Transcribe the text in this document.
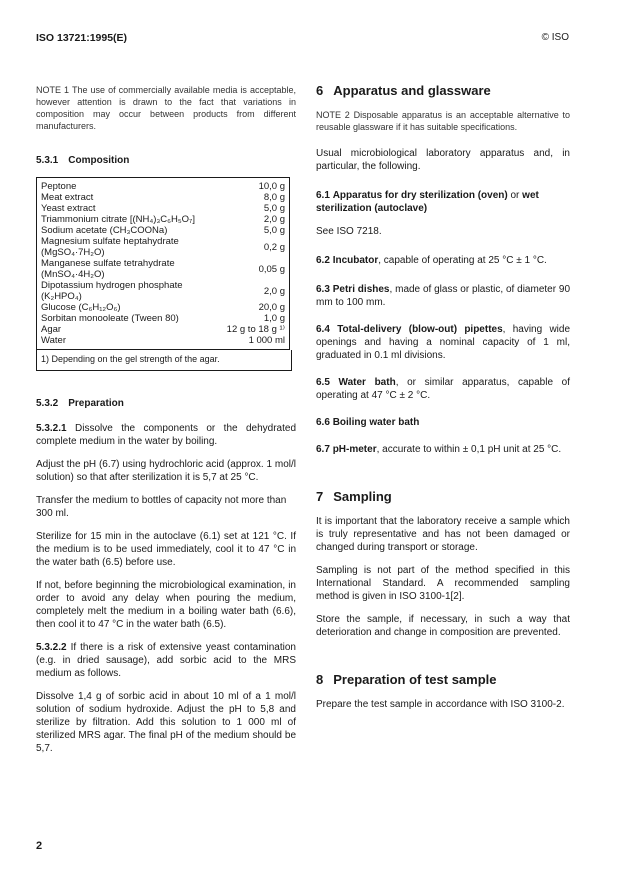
ISO 13721:1995(E)	© ISO

NOTE 1 The use of commercially available media is acceptable, however attention is drawn to the fact that variations in composition may occur between products from different manufacturers.

5.3.1 Composition
Peptone	10,0 g
Meat extract	8,0 g
Yeast extract	5,0 g
Triammonium citrate [(NH₄)₃C₆H₅O₇]	2,0 g
Sodium acetate (CH₃COONa)	5,0 g
Magnesium sulfate heptahydrate (MgSO₄·7H₂O)	0,2 g
Manganese sulfate tetrahydrate (MnSO₄·4H₂O)	0,05 g
Dipotassium hydrogen phosphate (K₂HPO₄)	2,0 g
Glucose (C₆H₁₂O₆)	20,0 g
Sorbitan monooleate (Tween 80)	1,0 g
Agar	12 g to 18 g ¹⁾
Water	1 000 ml
1) Depending on the gel strength of the agar.
5.3.2 Preparation

5.3.2.1 Dissolve the components or the dehydrated complete medium in the water by boiling.

Adjust the pH (6.7) using hydrochloric acid (approx. 1 mol/l solution) so that after sterilization it is 5,7 at 25 °C.

Transfer the medium to bottles of capacity not more than 300 ml.

Sterilize for 15 min in the autoclave (6.1) set at 121 °C. If the medium is to be used immediately, cool it to 47 °C in the water bath (6.5) before use.

If not, before beginning the microbiological examination, in order to avoid any delay when pouring the medium, completely melt the medium in a boiling water bath (6.6), then cool it to 47 °C in the water bath (6.5).

5.3.2.2 If there is a risk of extensive yeast contamination (e.g. in dried sausage), add sorbic acid to the MRS medium as follows.

Dissolve 1,4 g of sorbic acid in about 10 ml of a 1 mol/l solution of sodium hydroxide. Adjust the pH to 5,8 and sterilize by filtration. Add this solution to 1 000 ml of sterilized MRS agar. The final pH of the medium should be 5,7.

6 Apparatus and glassware

NOTE 2 Disposable apparatus is an acceptable alternative to reusable glassware if it has suitable specifications.

Usual microbiological laboratory apparatus and, in particular, the following.

6.1 Apparatus for dry sterilization (oven) or wet sterilization (autoclave)

See ISO 7218.

6.2 Incubator, capable of operating at 25 °C ± 1 °C.

6.3 Petri dishes, made of glass or plastic, of diameter 90 mm to 100 mm.

6.4 Total-delivery (blow-out) pipettes, having wide openings and having a nominal capacity of 1 ml, graduated in 0.1 ml divisions.

6.5 Water bath, or similar apparatus, capable of operating at 47 °C ± 2 °C.

6.6 Boiling water bath

6.7 pH-meter, accurate to within ± 0,1 pH unit at 25 °C.

7 Sampling

It is important that the laboratory receive a sample which is truly representative and has not been damaged or changed during transport or storage.

Sampling is not part of the method specified in this International Standard. A recommended sampling method is given in ISO 3100-1[2].

Store the sample, if necessary, in such a way that deterioration and change in composition are prevented.

8 Preparation of test sample

Prepare the test sample in accordance with ISO 3100-2.

2
